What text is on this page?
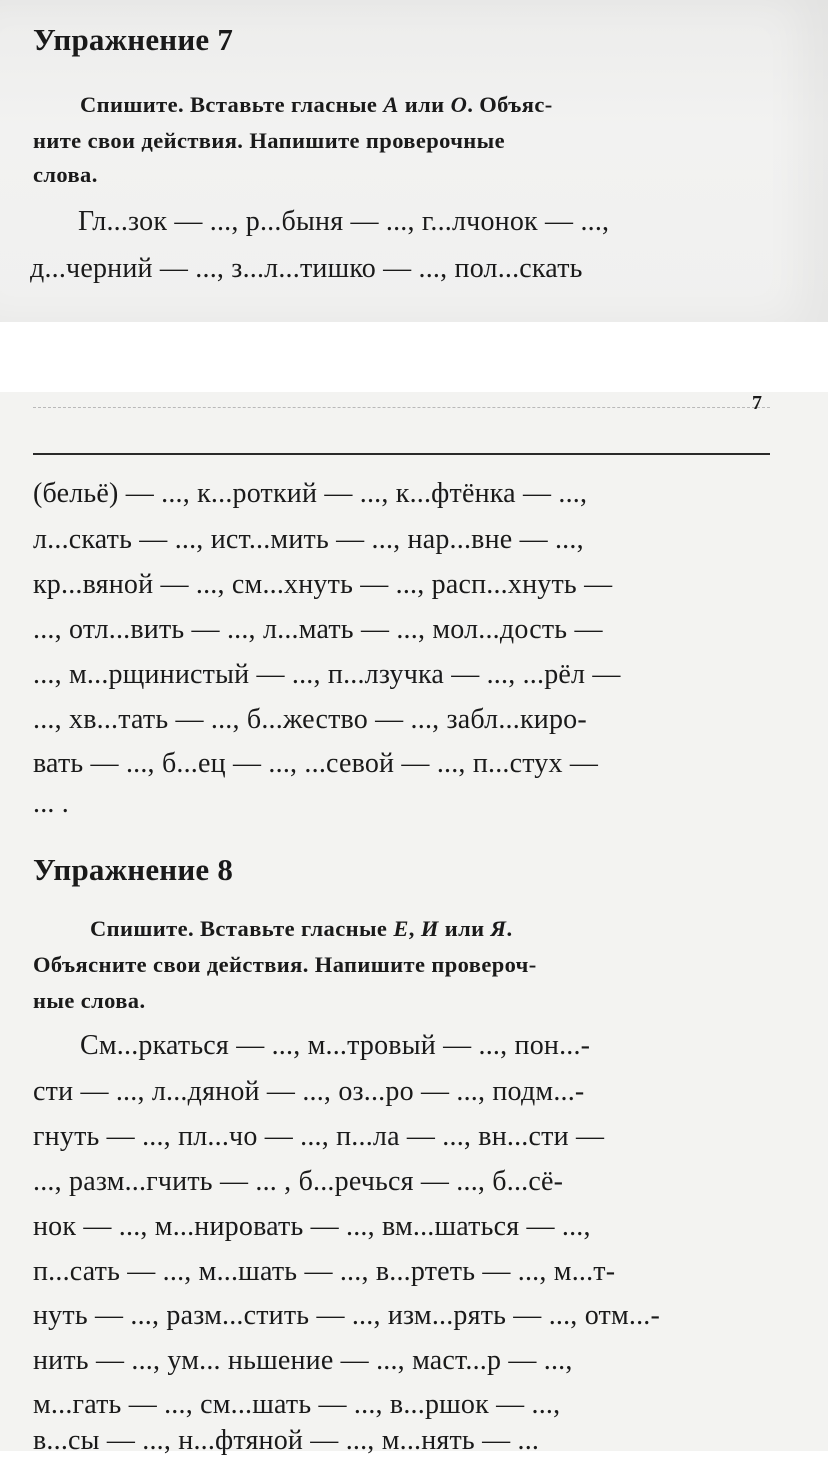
Упражнение 7
Спишите. Вставьте гласные А или О. Объяс-
ните свои действия. Напишите проверочные
слова.
Гл...зок — ..., р...быня — ..., г...лчонок — ...,
д...черний — ..., з...л...тишко — ..., пол...скать
7
(бельё) — ..., к...роткий — ..., к...фтёнка — ...,
л...скать — ..., ист...мить — ..., нар...вне — ...,
кр...вяной — ..., см...хнуть — ..., расп...хнуть —
..., отл...вить — ..., л...мать — ..., мол...дость —
..., м...рщинистый — ..., п...лзучка — ..., ...рёл —
..., хв...тать — ..., б...жество — ..., забл...киро-
вать — ..., б...ец — ..., ...севой — ..., п...стух —
... .
Упражнение 8
Спишите. Вставьте гласные Е, И или Я.
Объясните свои действия. Напишите провероч-
ные слова.
См...ркаться — ..., м...тровый — ..., пон...-
сти — ..., л...дяной — ..., оз...ро — ..., подм...-
гнуть — ..., пл...чо — ..., п...ла — ..., вн...сти —
..., разм...гчить — ... , б...речься — ..., б...сё-
нок — ..., м...нировать — ..., вм...шаться — ...,
п...сать — ..., м...шать — ..., в...ртеть — ..., м...т-
нуть — ..., разм...стить — ..., изм...рять — ..., отм...-
нить — ..., ум... ньшение — ..., маст...р — ...,
м...гать — ..., см...шать — ..., в...ршок — ...,
в...сы — ..., н...фтяной — ..., м...нять — ...
